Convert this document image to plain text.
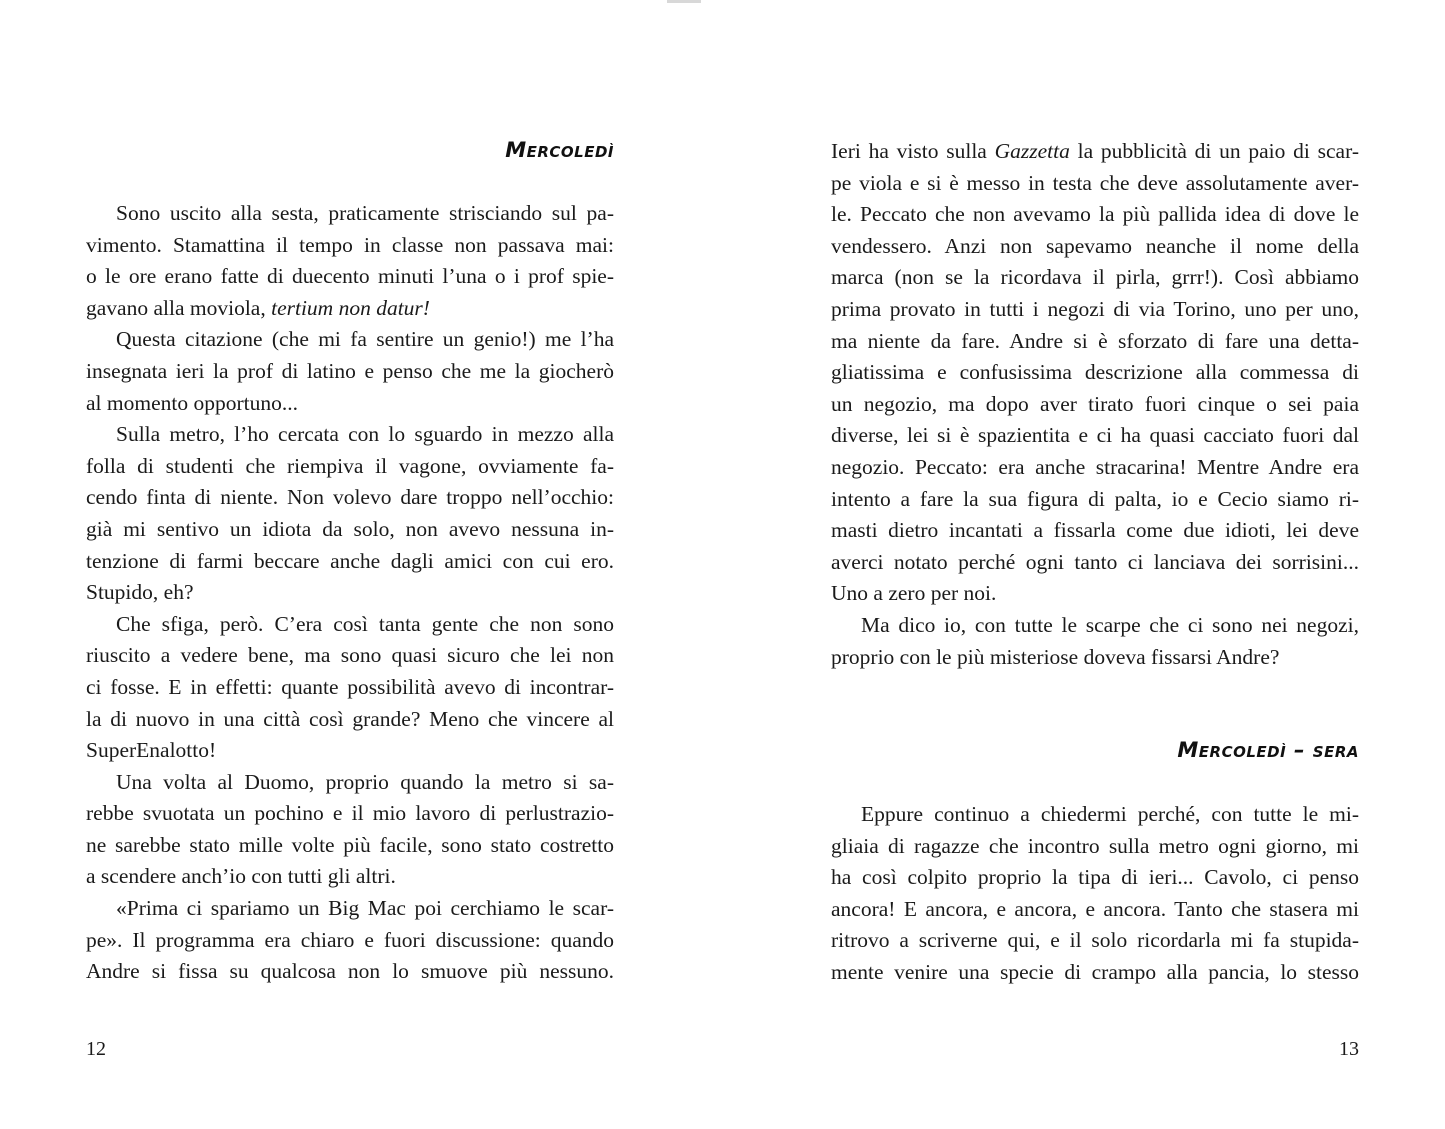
Mercoledì
Sono uscito alla sesta, praticamente strisciando sul pa-
vimento. Stamattina il tempo in classe non passava mai:
o le ore erano fatte di duecento minuti l’una o i prof spie-
gavano alla moviola, tertium non datur!
Questa citazione (che mi fa sentire un genio!) me l’ha
insegnata ieri la prof di latino e penso che me la giocherò
al momento opportuno...
Sulla metro, l’ho cercata con lo sguardo in mezzo alla
folla di studenti che riempiva il vagone, ovviamente fa-
cendo finta di niente. Non volevo dare troppo nell’occhio:
già mi sentivo un idiota da solo, non avevo nessuna in-
tenzione di farmi beccare anche dagli amici con cui ero.
Stupido, eh?
Che sfiga, però. C’era così tanta gente che non sono
riuscito a vedere bene, ma sono quasi sicuro che lei non
ci fosse. E in effetti: quante possibilità avevo di incontrar-
la di nuovo in una città così grande? Meno che vincere al
SuperEnalotto!
Una volta al Duomo, proprio quando la metro si sa-
rebbe svuotata un pochino e il mio lavoro di perlustrazio-
ne sarebbe stato mille volte più facile, sono stato costretto
a scendere anch’io con tutti gli altri.
«Prima ci spariamo un Big Mac poi cerchiamo le scar-
pe». Il programma era chiaro e fuori discussione: quando
Andre si fissa su qualcosa non lo smuove più nessuno.
12
Ieri ha visto sulla Gazzetta la pubblicità di un paio di scar-
pe viola e si è messo in testa che deve assolutamente aver-
le. Peccato che non avevamo la più pallida idea di dove le
vendessero. Anzi non sapevamo neanche il nome della
marca (non se la ricordava il pirla, grrr!). Così abbiamo
prima provato in tutti i negozi di via Torino, uno per uno,
ma niente da fare. Andre si è sforzato di fare una detta-
gliatissima e confusissima descrizione alla commessa di
un negozio, ma dopo aver tirato fuori cinque o sei paia
diverse, lei si è spazientita e ci ha quasi cacciato fuori dal
negozio. Peccato: era anche stracarina! Mentre Andre era
intento a fare la sua figura di palta, io e Cecio siamo ri-
masti dietro incantati a fissarla come due idioti, lei deve
averci notato perché ogni tanto ci lanciava dei sorrisini...
Uno a zero per noi.
Ma dico io, con tutte le scarpe che ci sono nei negozi,
proprio con le più misteriose doveva fissarsi Andre?
Mercoledì – sera
Eppure continuo a chiedermi perché, con tutte le mi-
gliaia di ragazze che incontro sulla metro ogni giorno, mi
ha così colpito proprio la tipa di ieri... Cavolo, ci penso
ancora! E ancora, e ancora, e ancora. Tanto che stasera mi
ritrovo a scriverne qui, e il solo ricordarla mi fa stupida-
mente venire una specie di crampo alla pancia, lo stesso
13
